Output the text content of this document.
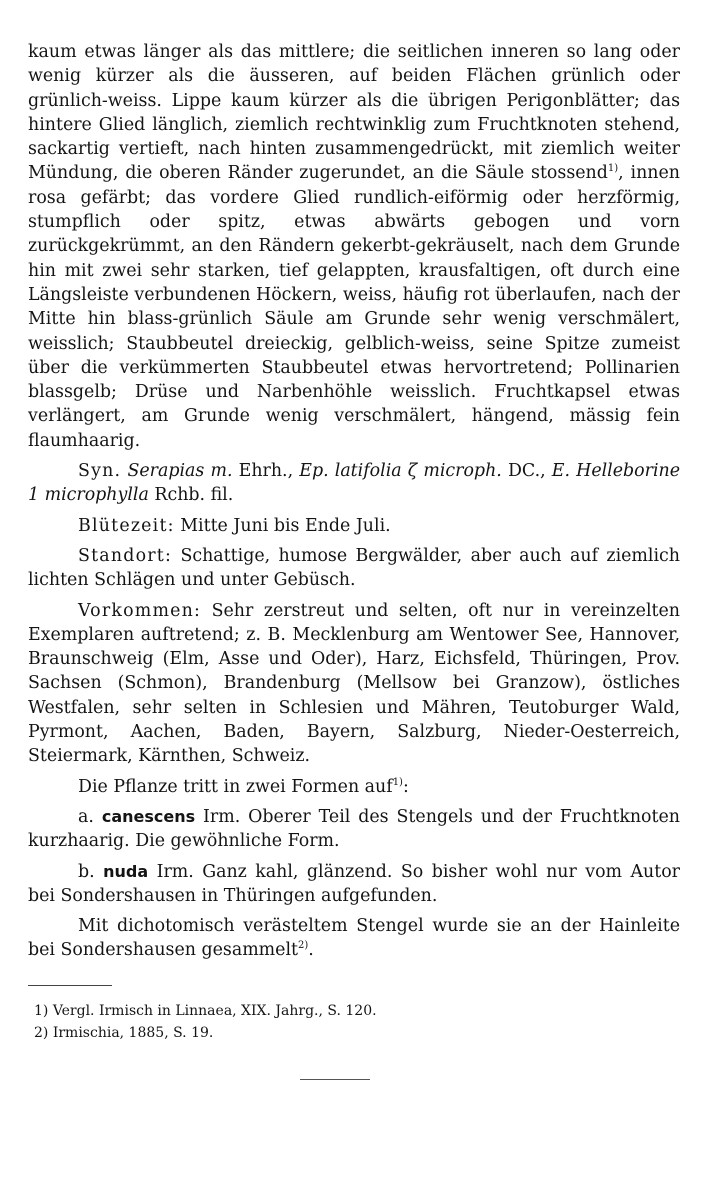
kaum etwas länger als das mittlere; die seitlichen inneren so lang oder wenig kürzer als die äusseren, auf beiden Flächen grünlich oder grünlich-weiss. Lippe kaum kürzer als die übrigen Perigonblätter; das hintere Glied länglich, ziemlich rechtwinklig zum Fruchtknoten stehend, sackartig vertieft, nach hinten zusammengedrückt, mit ziemlich weiter Mündung, die oberen Ränder zugerundet, an die Säule stossend$^{1)}$, innen rosa gefärbt; das vordere Glied rundlich-eiförmig oder herzförmig, stumpflich oder spitz, etwas abwärts gebogen und vorn zurückgekrümmt, an den Rändern gekerbt-gekräuselt, nach dem Grunde hin mit zwei sehr starken, tief gelappten, krausfaltigen, oft durch eine Längsleiste verbundenen Höckern, weiss, häufig rot überlaufen, nach der Mitte hin blass-grünlich Säule am Grunde sehr wenig verschmälert, weisslich; Staubbeutel dreieckig, gelblich-weiss, seine Spitze zumeist über die verkümmerten Staubbeutel etwas hervortretend; Pollinarien blassgelb; Drüse und Narbenhöhle weisslich. Fruchtkapsel etwas verlängert, am Grunde wenig verschmälert, hängend, mässig fein flaumhaarig.

Syn. Serapias m. Ehrh., Ep. latifolia ζ microph. DC., E. Helleborine 1 microphylla Rchb. fil.

Blütezeit: Mitte Juni bis Ende Juli.

Standort: Schattige, humose Bergwälder, aber auch auf ziemlich lichten Schlägen und unter Gebüsch.

Vorkommen: Sehr zerstreut und selten, oft nur in vereinzelten Exemplaren auftretend; z. B. Mecklenburg am Wentower See, Hannover, Braunschweig (Elm, Asse und Oder), Harz, Eichsfeld, Thüringen, Prov. Sachsen (Schmon), Brandenburg (Mellsow bei Granzow), östliches Westfalen, sehr selten in Schlesien und Mähren, Teutoburger Wald, Pyrmont, Aachen, Baden, Bayern, Salzburg, Nieder-Oesterreich, Steiermark, Kärnthen, Schweiz.

Die Pflanze tritt in zwei Formen auf$^{1)}$:

a. canescens Irm. Oberer Teil des Stengels und der Fruchtknoten kurzhaarig. Die gewöhnliche Form.

b. nuda Irm. Ganz kahl, glänzend. So bisher wohl nur vom Autor bei Sondershausen in Thüringen aufgefunden.

Mit dichotomisch verästeltem Stengel wurde sie an der Hainleite bei Sondershausen gesammelt$^{2)}$.

1) Vergl. Irmisch in Linnaea, XIX. Jahrg., S. 120.
2) Irmischia, 1885, S. 19.
